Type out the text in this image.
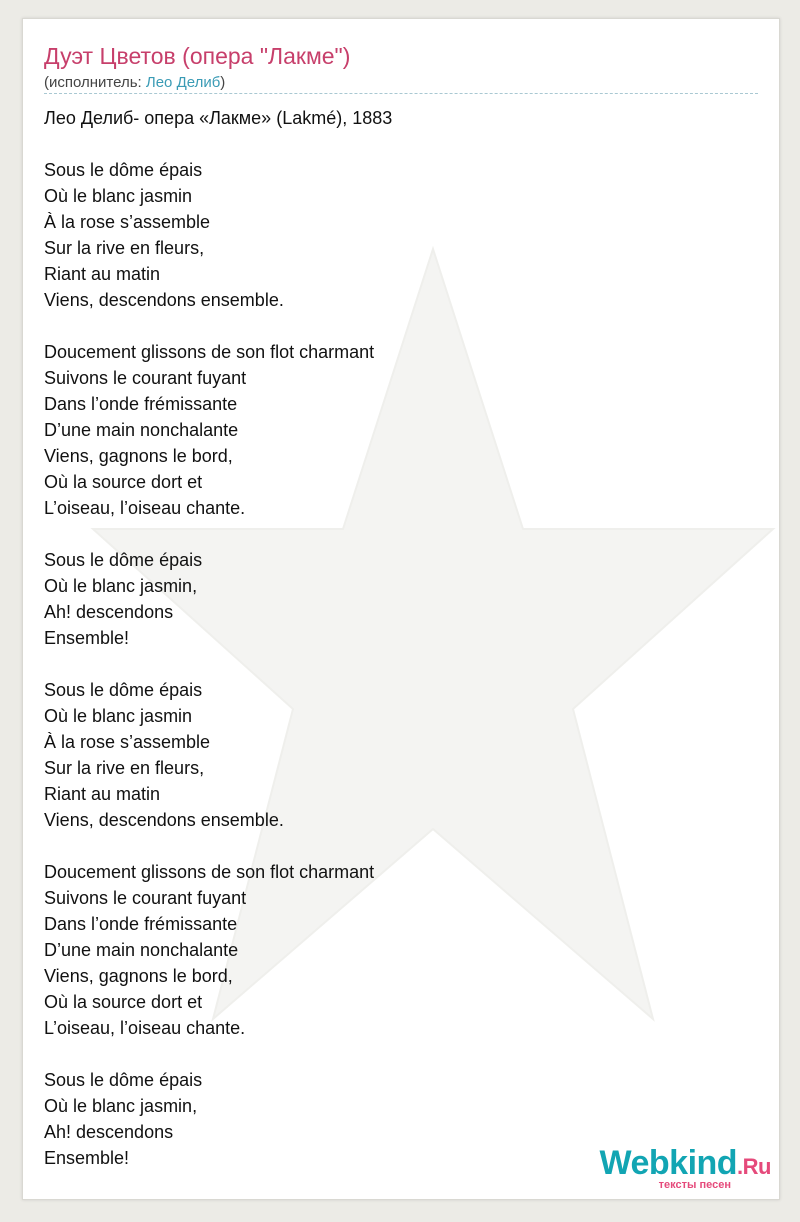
Дуэт Цветов (опера "Лакме")
(исполнитель: Лео Делиб)
Лео Делиб- опера «Лакме» (Lakmé), 1883
Sous le dôme épais
Où le blanc jasmin
À la rose s’assemble
Sur la rive en fleurs,
Riant au matin
Viens, descendons ensemble.
Doucement glissons de son flot charmant
Suivons le courant fuyant
Dans l’onde frémissante
D’une main nonchalante
Viens, gagnons le bord,
Où la source dort et
L’oiseau, l’oiseau chante.
Sous le dôme épais
Où le blanc jasmin,
Ah! descendons
Ensemble!
Sous le dôme épais
Où le blanc jasmin
À la rose s’assemble
Sur la rive en fleurs,
Riant au matin
Viens, descendons ensemble.
Doucement glissons de son flot charmant
Suivons le courant fuyant
Dans l’onde frémissante
D’une main nonchalante
Viens, gagnons le bord,
Où la source dort et
L’oiseau, l’oiseau chante.
Sous le dôme épais
Où le blanc jasmin,
Ah! descendons
Ensemble!	Webkind.Ru
тексты песен
